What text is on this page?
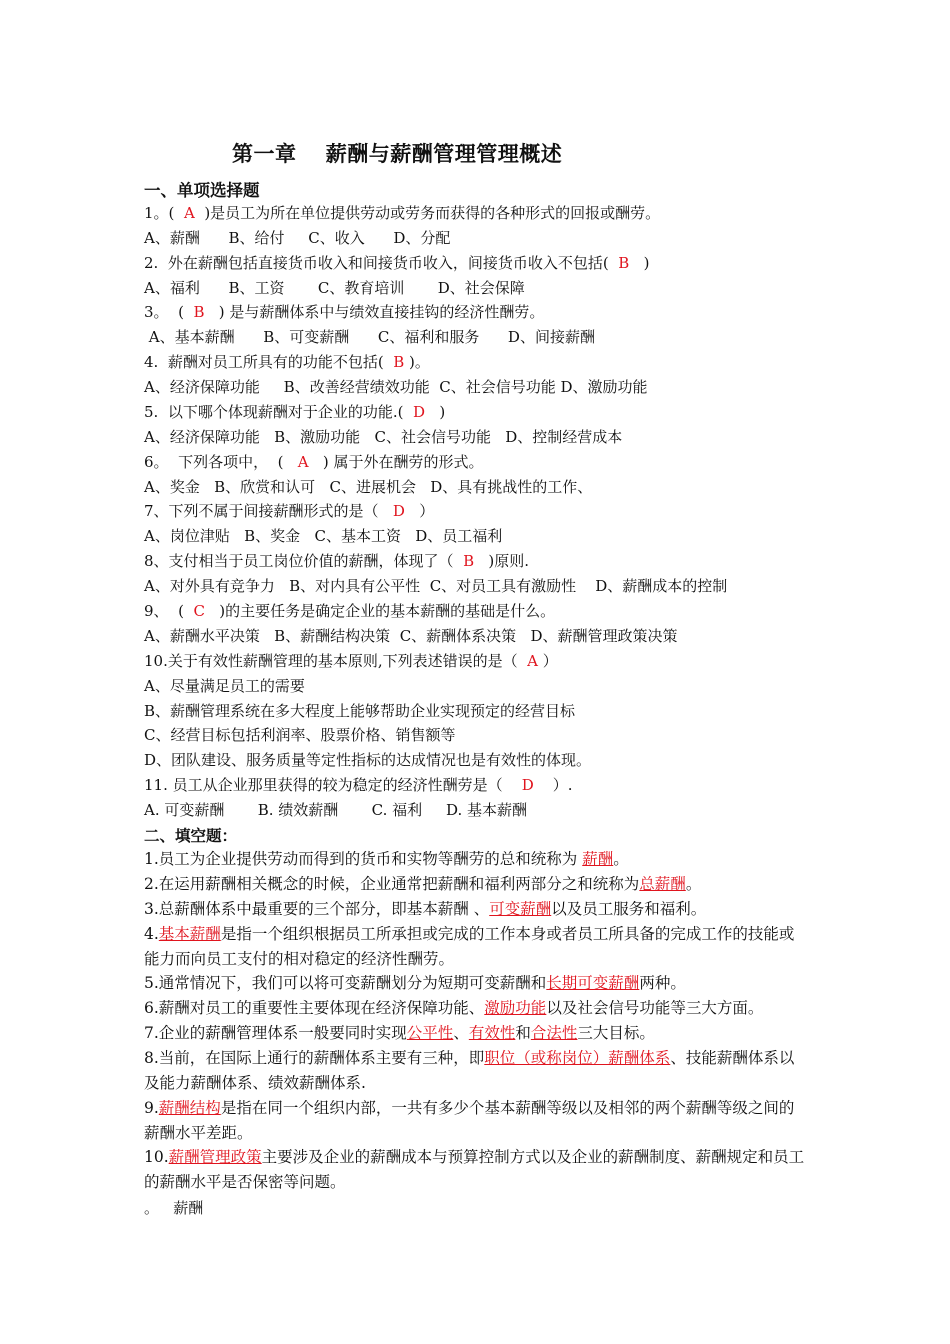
第一章　 薪酬与薪酬管理管理概述
一、单项选择题
1。(  A  )是员工为所在单位提供劳动或劳务而获得的各种形式的回报或酬劳。
A、薪酬      B、给付     C、收入      D、分配
2.  外在薪酬包括直接货币收入和间接货币收入，间接货币收入不包括(  B   )
A、福利      B、工资       C、教育培训       D、社会保障
3。  (  B   ) 是与薪酬体系中与绩效直接挂钩的经济性酬劳。
A、基本薪酬      B、可变薪酬      C、福利和服务      D、间接薪酬
4.  薪酬对员工所具有的功能不包括(  B )。
A、经济保障功能     B、改善经营绩效功能  C、社会信号功能 D、激励功能
5.  以下哪个体现薪酬对于企业的功能.(  D   )
A、经济保障功能   B、激励功能   C、社会信号功能   D、控制经营成本
6。  下列各项中，  (   A   ) 属于外在酬劳的形式。
A、奖金   B、欣赏和认可   C、进展机会   D、具有挑战性的工作、
7、下列不属于间接薪酬形式的是（   D   ）
A、岗位津贴   B、奖金   C、基本工资   D、员工福利
8、支付相当于员工岗位价值的薪酬，体现了（  B   )原则.
A、对外具有竞争力   B、对内具有公平性  C、对员工具有激励性    D、薪酬成本的控制
9、  (  C   )的主要任务是确定企业的基本薪酬的基础是什么。
A、薪酬水平决策   B、薪酬结构决策  C、薪酬体系决策   D、薪酬管理政策决策
10.关于有效性薪酬管理的基本原则,下列表述错误的是（  A ）
A、尽量满足员工的需要
B、薪酬管理系统在多大程度上能够帮助企业实现预定的经营目标
C、经营目标包括利润率、股票价格、销售额等
D、团队建设、服务质量等定性指标的达成情况也是有效性的体现。
11. 员工从企业那里获得的较为稳定的经济性酬劳是（    D    ）.
A. 可变薪酬       B. 绩效薪酬       C. 福利     D. 基本薪酬
二、填空题：
1.员工为企业提供劳动而得到的货币和实物等酬劳的总和统称为 薪酬。
2.在运用薪酬相关概念的时候，企业通常把薪酬和福利两部分之和统称为总薪酬。
3.总薪酬体系中最重要的三个部分，即基本薪酬 、可变薪酬以及员工服务和福利。
4.基本薪酬是指一个组织根据员工所承担或完成的工作本身或者员工所具备的完成工作的技能或能力而向员工支付的相对稳定的经济性酬劳。
5.通常情况下，我们可以将可变薪酬划分为短期可变薪酬和长期可变薪酬两种。
6.薪酬对员工的重要性主要体现在经济保障功能、激励功能以及社会信号功能等三大方面。
7.企业的薪酬管理体系一般要同时实现公平性、有效性和合法性三大目标。
8.当前，在国际上通行的薪酬体系主要有三种，即职位（或称岗位）薪酬体系、技能薪酬体系以及能力薪酬体系、绩效薪酬体系.
9.薪酬结构是指在同一个组织内部，一共有多少个基本薪酬等级以及相邻的两个薪酬等级之间的薪酬水平差距。
10.薪酬管理政策主要涉及企业的薪酬成本与预算控制方式以及企业的薪酬制度、薪酬规定和员工的薪酬水平是否保密等问题。
。   薪酬
